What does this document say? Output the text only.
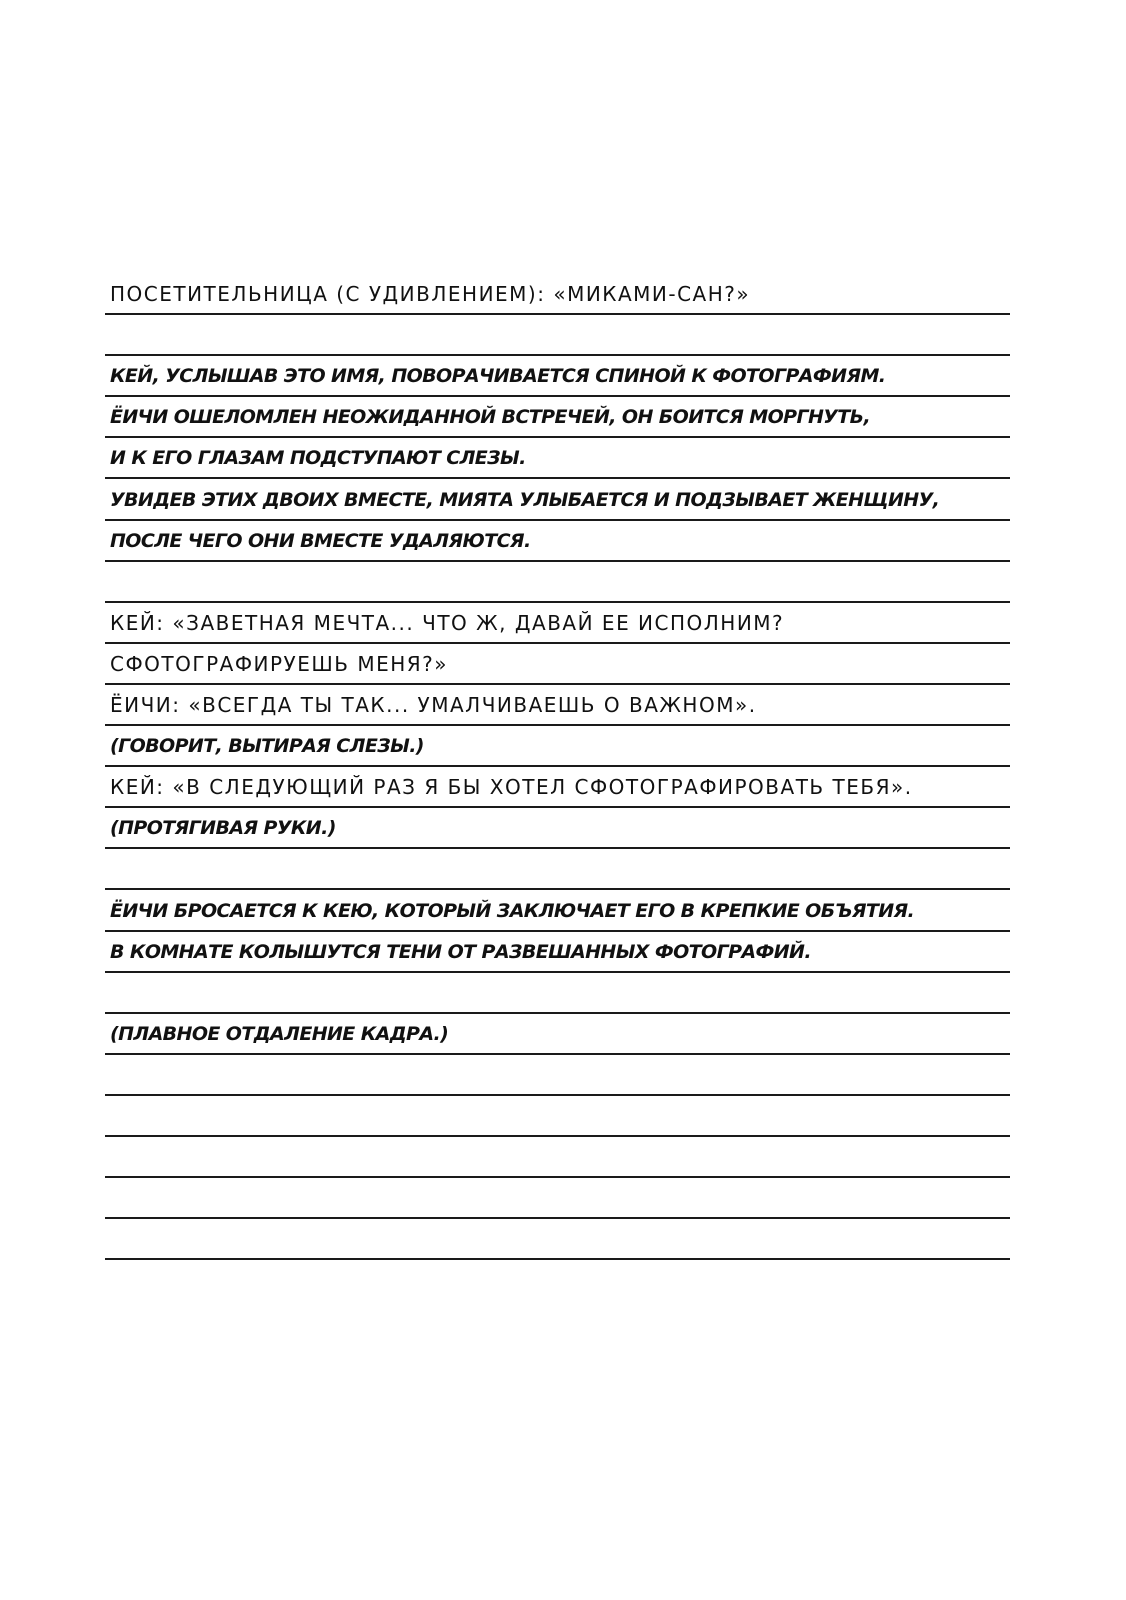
ПОСЕТИТЕЛЬНИЦА (С УДИВЛЕНИЕМ): «МИКАМИ-САН?»
КЕЙ, УСЛЫШАВ ЭТО ИМЯ, ПОВОРАЧИВАЕТСЯ СПИНОЙ К ФОТОГРАФИЯМ.
ЁИЧИ ОШЕЛОМЛЕН НЕОЖИДАННОЙ ВСТРЕЧЕЙ, ОН БОИТСЯ МОРГНУТЬ,
И К ЕГО ГЛАЗАМ ПОДСТУПАЮТ СЛЕЗЫ.
УВИДЕВ ЭТИХ ДВОИХ ВМЕСТЕ, МИЯТА УЛЫБАЕТСЯ И ПОДЗЫВАЕТ ЖЕНЩИНУ,
ПОСЛЕ ЧЕГО ОНИ ВМЕСТЕ УДАЛЯЮТСЯ.
КЕЙ: «ЗАВЕТНАЯ МЕЧТА... ЧТО Ж, ДАВАЙ ЕЕ ИСПОЛНИМ?
СФОТОГРАФИРУЕШЬ МЕНЯ?»
ЁИЧИ: «ВСЕГДА ТЫ ТАК... УМАЛЧИВАЕШЬ О ВАЖНОМ».
(ГОВОРИТ, ВЫТИРАЯ СЛЕЗЫ.)
КЕЙ: «В СЛЕДУЮЩИЙ РАЗ Я БЫ ХОТЕЛ СФОТОГРАФИРОВАТЬ ТЕБЯ».
(ПРОТЯГИВАЯ РУКИ.)
ЁИЧИ БРОСАЕТСЯ К КЕЮ, КОТОРЫЙ ЗАКЛЮЧАЕТ ЕГО В КРЕПКИЕ ОБЪЯТИЯ.
В КОМНАТЕ КОЛЫШУТСЯ ТЕНИ ОТ РАЗВЕШАННЫХ ФОТОГРАФИЙ.
(ПЛАВНОЕ ОТДАЛЕНИЕ КАДРА.)
